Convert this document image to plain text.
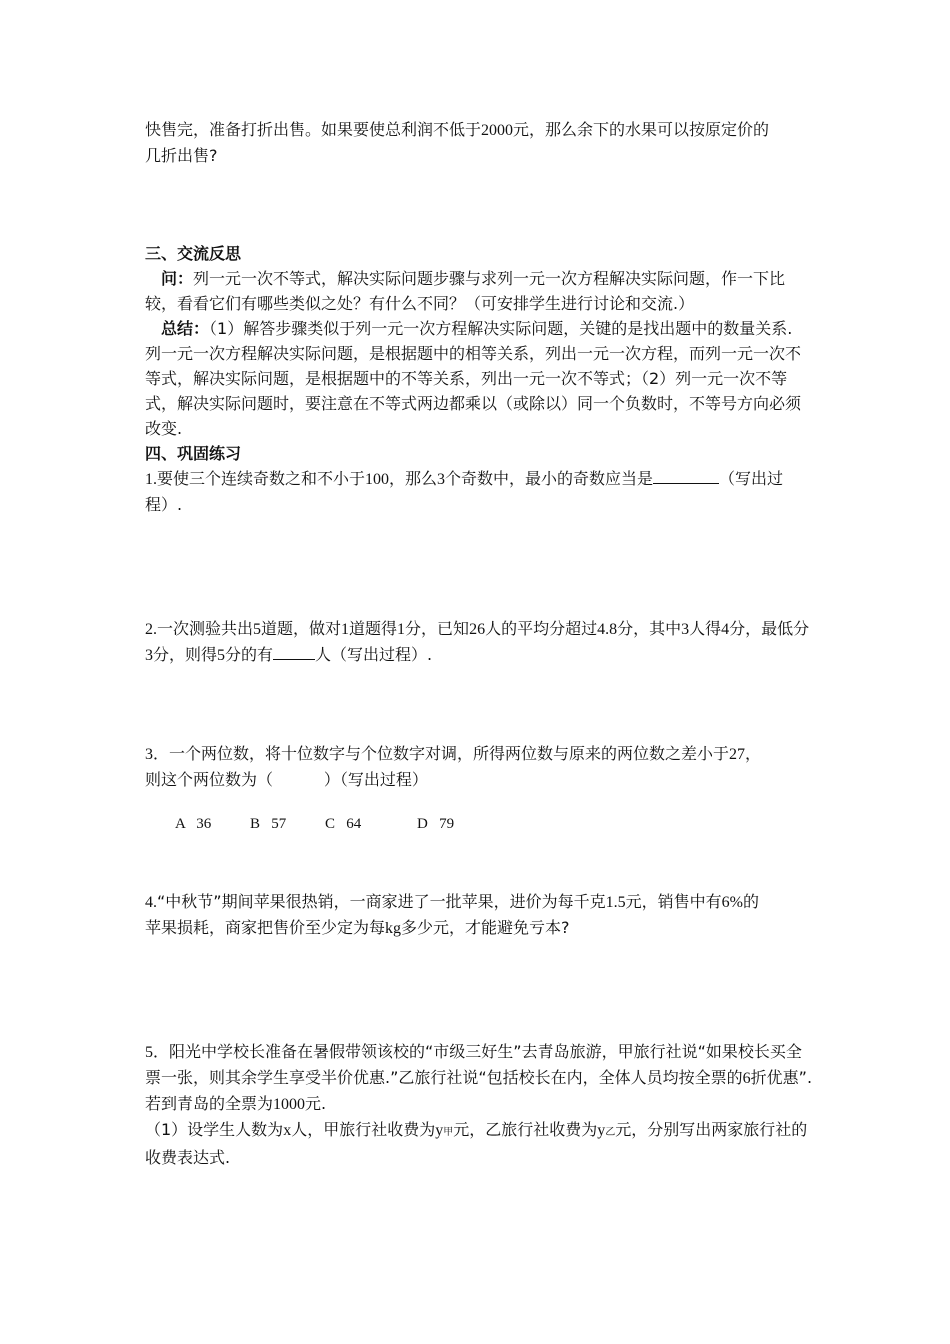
快售完，准备打折出售。如果要使总利润不低于2000元，那么余下的水果可以按原定价的
几折出售?
三、交流反思
问：列一元一次不等式，解决实际问题步骤与求列一元一次方程解决实际问题，作一下比较，看看它们有哪些类似之处？有什么不同？（可安排学生进行讨论和交流.）
总结：（1）解答步骤类似于列一元一次方程解决实际问题，关键的是找出题中的数量关系. 列一元一次方程解决实际问题，是根据题中的相等关系，列出一元一次方程，而列一元一次不等式，解决实际问题，是根据题中的不等关系，列出一元一次不等式；（2）列一元一次不等式，解决实际问题时，要注意在不等式两边都乘以（或除以）同一个负数时，不等号方向必须改变.
四、巩固练习
1.要使三个连续奇数之和不小于100，那么3个奇数中，最小的奇数应当是	（写出过程）.
2.一次测验共出5道题，做对1道题得1分，已知26人的平均分超过4.8分，其中3人得4分，最低分3分，则得5分的有	人（写出过程）.
3．一个两位数，将十位数字与个位数字对调，所得两位数与原来的两位数之差小于27，
则这个两位数为（          ）（写出过程）

A   36	B   57	C   64	D   79

4.“中秋节”期间苹果很热销，一商家进了一批苹果，进价为每千克1.5元，销售中有6%的
苹果损耗，商家把售价至少定为每kg多少元，才能避免亏本?
5．阳光中学校长准备在暑假带领该校的“市级三好生”去青岛旅游，甲旅行社说“如果校长买全票一张，则其余学生享受半价优惠.”乙旅行社说“包括校长在内，全体人员均按全票的6折优惠”. 若到青岛的全票为1000元.
（1）设学生人数为x人，甲旅行社收费为y甲元，乙旅行社收费为y乙元，分别写出两家旅行社的收费表达式.
